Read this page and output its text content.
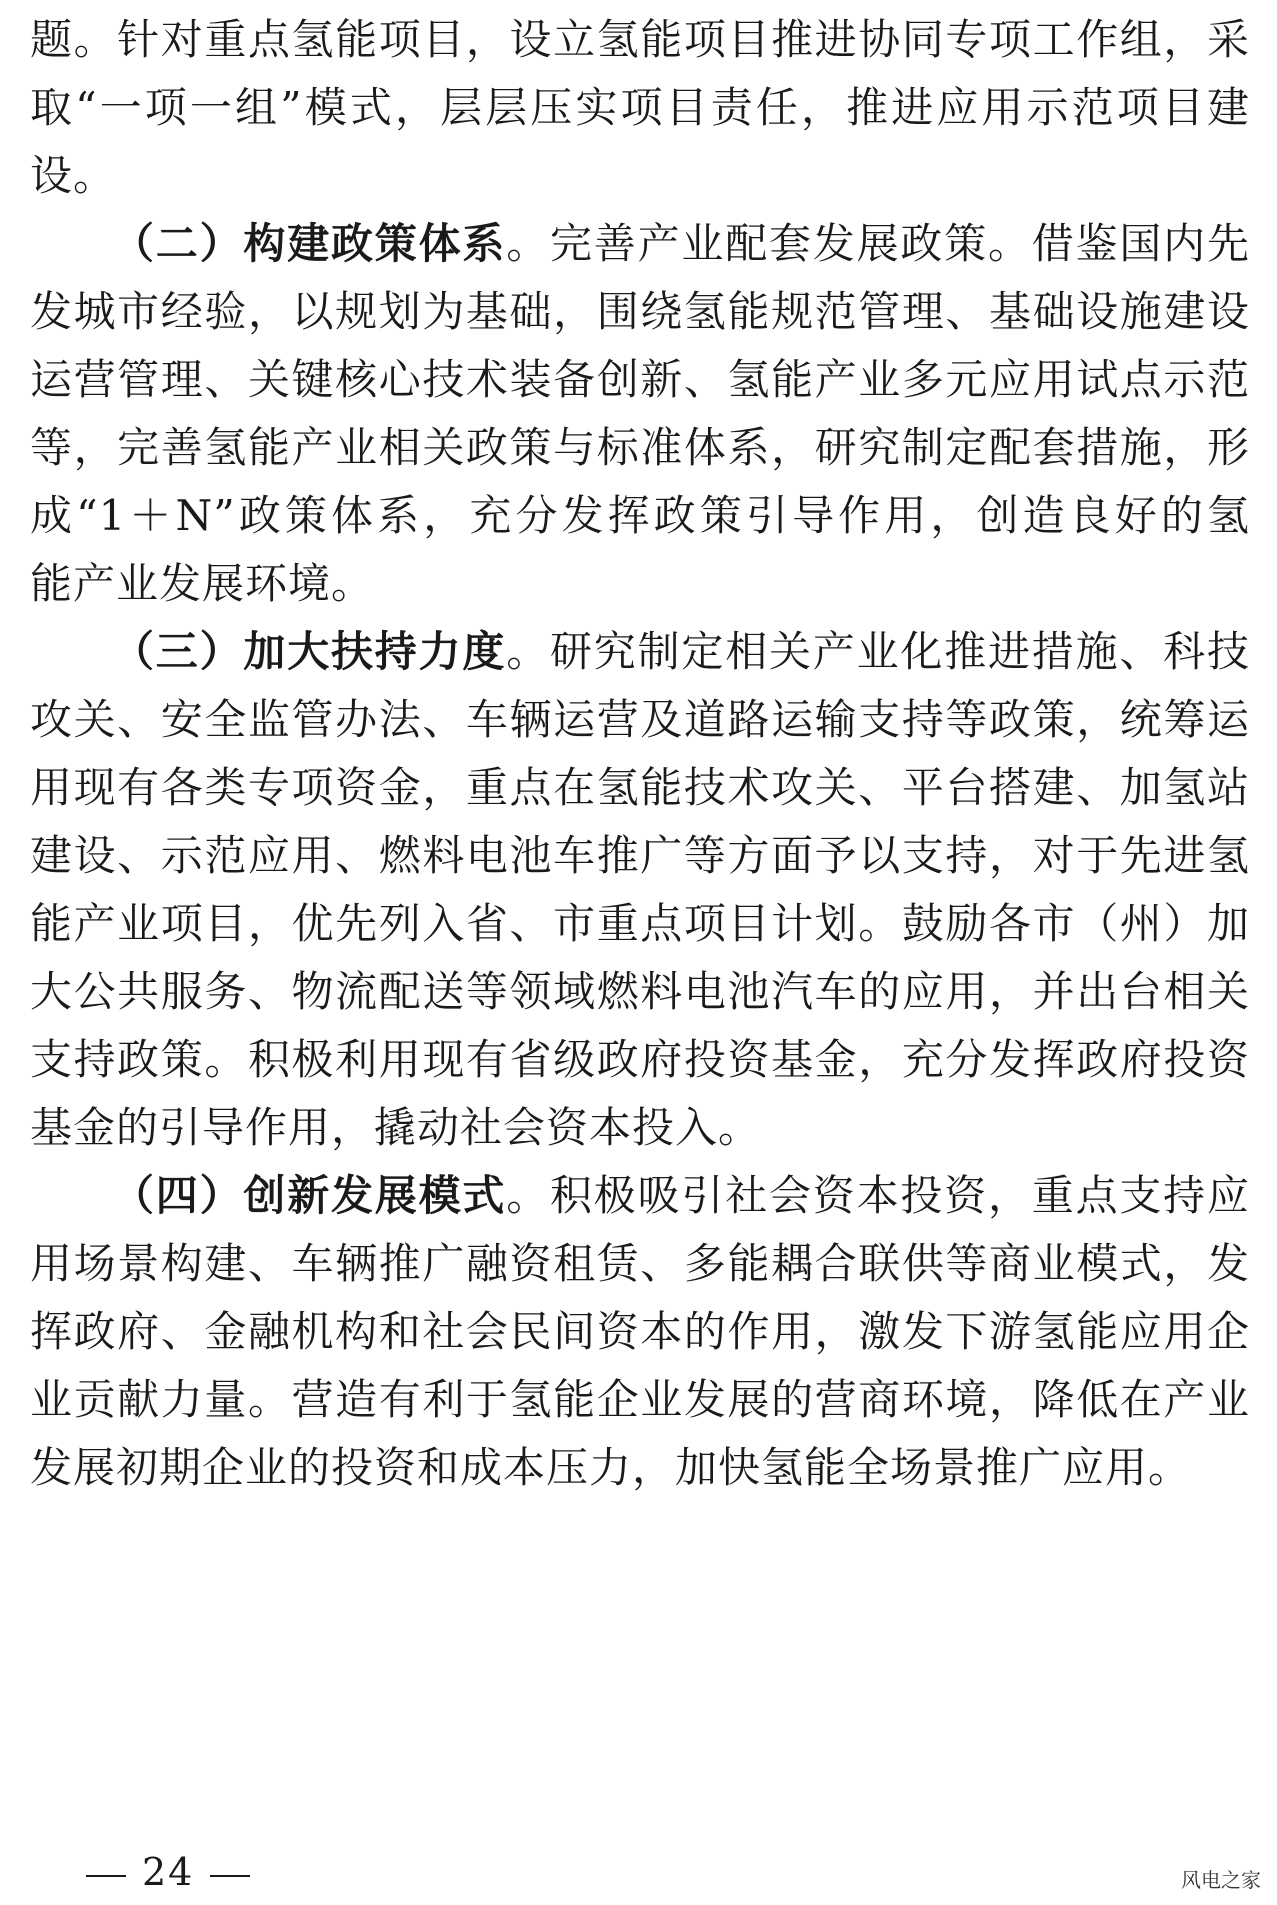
题。针对重点氢能项目，设立氢能项目推进协同专项工作组，采
取“一项一组”模式，层层压实项目责任，推进应用示范项目建
设。
（二）构建政策体系。完善产业配套发展政策。借鉴国内先
发城市经验，以规划为基础，围绕氢能规范管理、基础设施建设
运营管理、关键核心技术装备创新、氢能产业多元应用试点示范
等，完善氢能产业相关政策与标准体系，研究制定配套措施，形
成“1＋N”政策体系，充分发挥政策引导作用，创造良好的氢
能产业发展环境。
（三）加大扶持力度。研究制定相关产业化推进措施、科技
攻关、安全监管办法、车辆运营及道路运输支持等政策，统筹运
用现有各类专项资金，重点在氢能技术攻关、平台搭建、加氢站
建设、示范应用、燃料电池车推广等方面予以支持，对于先进氢
能产业项目，优先列入省、市重点项目计划。鼓励各市（州）加
大公共服务、物流配送等领域燃料电池汽车的应用，并出台相关
支持政策。积极利用现有省级政府投资基金，充分发挥政府投资
基金的引导作用，撬动社会资本投入。
（四）创新发展模式。积极吸引社会资本投资，重点支持应
用场景构建、车辆推广融资租赁、多能耦合联供等商业模式，发
挥政府、金融机构和社会民间资本的作用，激发下游氢能应用企
业贡献力量。营造有利于氢能企业发展的营商环境，降低在产业
发展初期企业的投资和成本压力，加快氢能全场景推广应用。
24	风电之家
